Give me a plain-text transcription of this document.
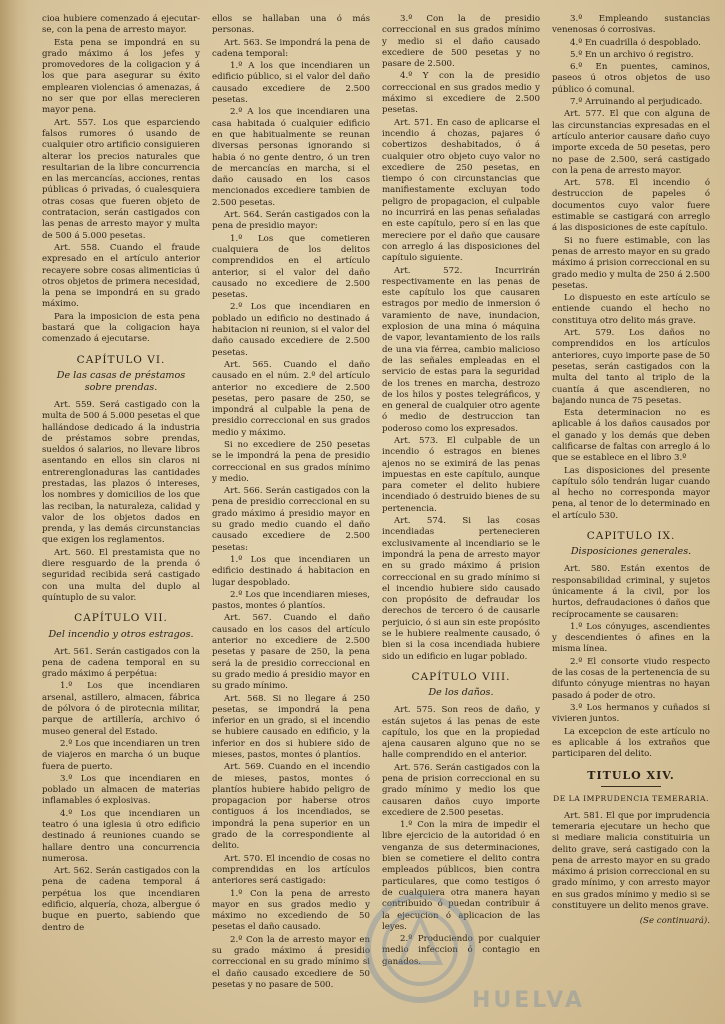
cioa hubiere comenzado á ejecutar-se, con la pena de arresto mayor.

Esta pena se impondrá en su grado máximo á los jefes y promovedores de la coligacion y á los que para asegurar su éxito emplearen violencias ó amenazas, á no ser que por ellas merecieren mayor pena.

Art. 557. Los que esparciendo falsos rumores ó usando de cualquier otro artificio consiguieren alterar los precios naturales que resultarian de la libre concurrencia en las mercancías, acciones, rentas públicas ó privadas, ó cualesquiera otras cosas que fueren objeto de contratacion, serán castigados con las penas de arresto mayor y multa de 500 á 5.000 pesetas.

Art. 558. Cuando el fraude expresado en el artículo anterior recayere sobre cosas alimenticias ú otros objetos de primera necesidad, la pena se impondrá en su grado máximo.

Para la imposicion de esta pena bastará que la coligacion haya comenzado á ejecutarse.

CAPÍTULO VI.
De las casas de préstamos sobre prendas.

Art. 559. Será castigado con la multa de 500 á 5.000 pesetas el que hallándose dedicado á la industria de préstamos sobre prendas, sueldos ó salarios, no llevare libros asentando en ellos sin claros ni entrerenglonaduras las cantidades prestadas, las plazos ó intereses, los nombres y domicilios de los que las reciban, la naturaleza, calidad y valor de los objetos dados en prenda, y las demás circunstancias que exigen los reglamentos.

Art. 560. El prestamista que no diere resguardo de la prenda ó seguridad recibida será castigado con una multa del duplo al quíntuplo de su valor.

CAPÍTULO VII.
Del incendio y otros estragos.

Art. 561. Serán castigados con la pena de cadena temporal en su grado máximo á perpétua:

1.º Los que incendiaren arsenal, astillero, almacen, fábrica de pólvora ó de pirotecnia militar, parque de artillería, archivo ó museo general del Estado.

2.º Los que incendiaren un tren de viajeros en marcha ó un buque fuera de puerto.

3.º Los que incendiaren en poblado un almacen de materias inflamables ó explosivas.

4.º Los que incendiaren un teatro ó una iglesia ú otro edificio destinado á reuniones cuando se hallare dentro una concurrencia numerosa.

Art. 562. Serán castigados con la pena de cadena temporal á perpétua los que incendiaren edificio, alquería, choza, albergue ó buque en puerto, sabiendo que dentro de

ellos se hallaban una ó más personas.

Art. 563. Se impondrá la pena de cadena temporal:

1.º A los que incendiaren un edificio público, si el valor del daño causado excediere de 2.500 pesetas.

2.º A los que incendiaren una casa habitada ó cualquier edificio en que habitualmente se reunan diversas personas ignorando si habia ó no gente dentro, ó un tren de mercancías en marcha, si el daño causado en los casos mencionados excediere tambien de 2.500 pesetas.

Art. 564. Serán castigados con la pena de presidio mayor:

1.º Los que cometieren cualquiera de los delitos comprendidos en el artículo anterior, si el valor del daño causado no excediere de 2.500 pesetas.

2.º Los que incendiaren en poblado un edificio no destinado á habitacion ni reunion, si el valor del daño causado excediere de 2.500 pesetas.

Art. 565. Cuando el daño causado en el núm. 2.º del artículo anterior no excediere de 2.500 pesetas, pero pasare de 250, se impondrá al culpable la pena de presidio correccional en sus grados medio y máximo.

Si no excediere de 250 pesetas se le impondrá la pena de presidio correccional en sus grados mínimo y medio.

Art. 566. Serán castigados con la pena de presidio correccional en su grado máximo á presidio mayor en su grado medio cuando el daño causado excediere de 2.500 pesetas:

1.º Los que incendiaren un edificio destinado á habitacion en lugar despoblado.

2.º Los que incendiaren mieses, pastos, montes ó plantíos.

Art. 567. Cuando el daño causado en los casos del artículo anterior no excediere de 2.500 pesetas y pasare de 250, la pena será la de presidio correccional en su grado medio á presidio mayor en su grado mínimo.

Art. 568. Si no llegare á 250 pesetas, se impondrá la pena inferior en un grado, si el incendio se hubiere causado en edificio, y la inferior en dos si hubiere sido de mieses, pastos, montes ó plantíos.

Art. 569. Cuando en el incendio de mieses, pastos, montes ó plantíos hubiere habido peligro de propagacion por haberse otros contiguos á los incendiados, se impondrá la pena superior en un grado de la correspondiente al delito.

Art. 570. El incendio de cosas no comprendidas en los artículos anteriores será castigado:

1.º Con la pena de arresto mayor en sus grados medio y máximo no excediendo de 50 pesetas el daño causado.

2.º Con la de arresto mayor en su grado máximo á presidio correccional en su grado mínimo si el daño causado excediere de 50 pesetas y no pasare de 500.

3.º Con la de presidio correccional en sus grados mínimo y medio si el daño causado excediere de 500 pesetas y no pasare de 2.500.

4.º Y con la de presidio correccional en sus grados medio y máximo si excediere de 2.500 pesetas.

Art. 571. En caso de aplicarse el incendio á chozas, pajares ó cobertizos deshabitados, ó á cualquier otro objeto cuyo valor no excediere de 250 pesetas, en tiempo ó con circunstancias que manifiestamente excluyan todo peligro de propagacion, el culpable no incurrirá en las penas señaladas en este capítulo, pero sí en las que mereciere por el daño que causare con arreglo á las disposiciones del capítulo siguiente.

Art. 572. Incurrirán respectivamente en las penas de este capítulo los que causaren estragos por medio de inmersion ó varamiento de nave, inundacion, explosion de una mina ó máquina de vapor, levantamiento de los rails de una via férrea, cambio malicioso de las señales empleadas en el servicio de estas para la seguridad de los trenes en marcha, destrozo de los hilos y postes telegráficos, y en general de cualquier otro agente ó medio de destruccion tan poderoso como los expresados.

Art. 573. El culpable de un incendio ó estragos en bienes ajenos no se eximirá de las penas impuestas en este capítulo, aunque para cometer el delito hubiere incendiado ó destruido bienes de su pertenencia.

Art. 574. Si las cosas incendiadas pertenecieren exclusivamente al incendiario se le impondrá la pena de arresto mayor en su grado máximo á prision correccional en su grado mínimo si el incendio hubiere sido causado con propósito de defraudar los derechos de tercero ó de causarle perjuicio, ó si aun sin este propósito se le hubiere realmente causado, ó bien si la cosa incendiada hubiere sido un edificio en lugar poblado.

CAPÍTULO VIII.
De los daños.

Art. 575. Son reos de daño, y están sujetos á las penas de este capítulo, los que en la propiedad ajena causaren alguno que no se halle comprendido en el anterior.

Art. 576. Serán castigados con la pena de prision correccional en su grado mínimo y medio los que causaren daños cuyo importe excediere de 2.500 pesetas.

1.º Con la mira de impedir el libre ejercicio de la autoridad ó en venganza de sus determinaciones, bien se cometiere el delito contra empleados públicos, bien contra particulares, que como testigos ó de cualquiera otra manera hayan contribuido ó puedan contribuir á la ejecucion ó aplicacion de las leyes.

2.º Produciendo por cualquier medio infeccion ó contagio en ganados.

3.º Empleando sustancias venenosas ó corrosivas.

4.º En cuadrilla ó despoblado.

5.º En un archivo ó registro.

6.º En puentes, caminos, paseos ú otros objetos de uso público ó comunal.

7.º Arruinando al perjudicado.

Art. 577. El que con alguna de las circunstancias expresadas en el artículo anterior causare daño cuyo importe exceda de 50 pesetas, pero no pase de 2.500, será castigado con la pena de arresto mayor.

Art. 578. El incendio ó destruccion de papeles ó documentos cuyo valor fuere estimable se castigará con arreglo á las disposiciones de este capítulo.

Si no fuere estimable, con las penas de arresto mayor en su grado máximo á prision correccional en su grado medio y multa de 250 á 2.500 pesetas.

Lo dispuesto en este artículo se entiende cuando el hecho no constituya otro delito más grave.

Art. 579. Los daños no comprendidos en los artículos anteriores, cuyo importe pase de 50 pesetas, serán castigados con la multa del tanto al triplo de la cuantía á que ascendieren, no bajando nunca de 75 pesetas.

Esta determinacion no es aplicable á los daños causados por el ganado y los demás que deben calificarse de faltas con arreglo á lo que se establece en el libro 3.º

Las disposiciones del presente capítulo sólo tendrán lugar cuando al hecho no corresponda mayor pena, al tenor de lo determinado en el artículo 530.

CAPITULO IX.
Disposiciones generales.

Art. 580. Están exentos de responsabilidad criminal, y sujetos únicamente á la civil, por los hurtos, defraudaciones ó daños que recíprocamente se causaren:

1.º Los cónyuges, ascendientes y descendientes ó afines en la misma línea.

2.º El consorte viudo respecto de las cosas de la pertenencia de su difunto cónyuge mientras no hayan pasado á poder de otro.

3.º Los hermanos y cuñados si vivieren juntos.

La excepcion de este artículo no es aplicable á los extraños que participaren del delito.

TITULO XIV.
DE LA IMPRUDENCIA TEMERARIA.

Art. 581. El que por imprudencia temeraria ejecutare un hecho que si mediare malicia constituiria un delito grave, será castigado con la pena de arresto mayor en su grado máximo á prision correccional en su grado mínimo, y con arresto mayor en sus grados mínimo y medio si se constituyere un delito menos grave.

(Se continuará).
HUELVA
